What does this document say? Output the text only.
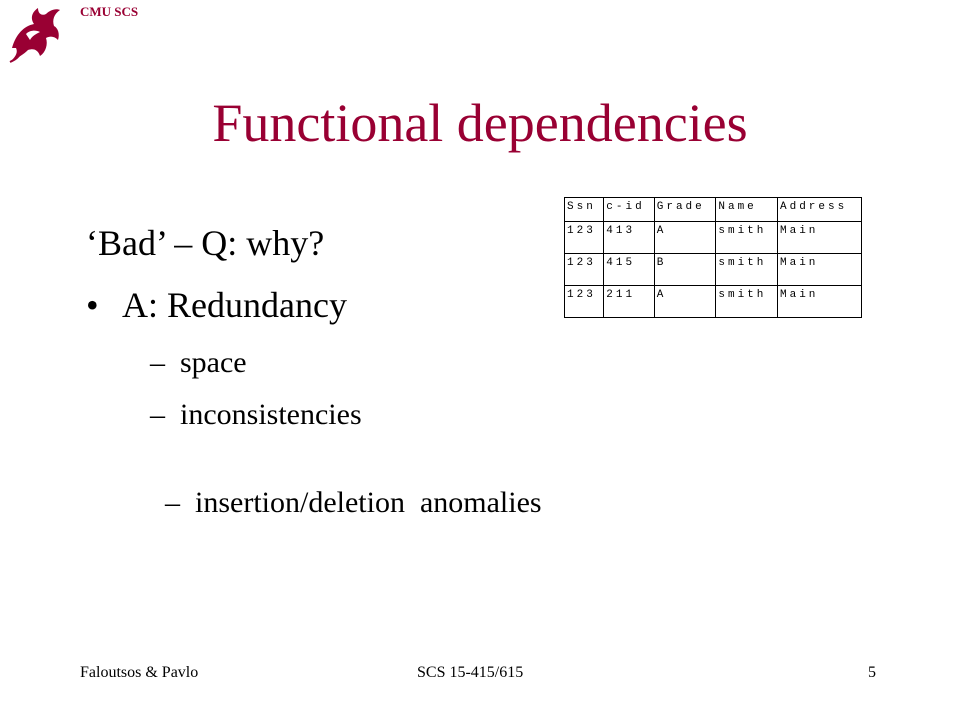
CMU SCS
Functional dependencies
‘Bad’ – Q: why?
• A: Redundancy
– space
– inconsistencies

– insertion/deletion  anomalies

Ssn	c-id	Grade	Name	Address
123	413	A	smith	Main
123	415	B	smith	Main
123	211	A	smith	Main
Faloutsos & Pavlo	SCS 15-415/615	5
